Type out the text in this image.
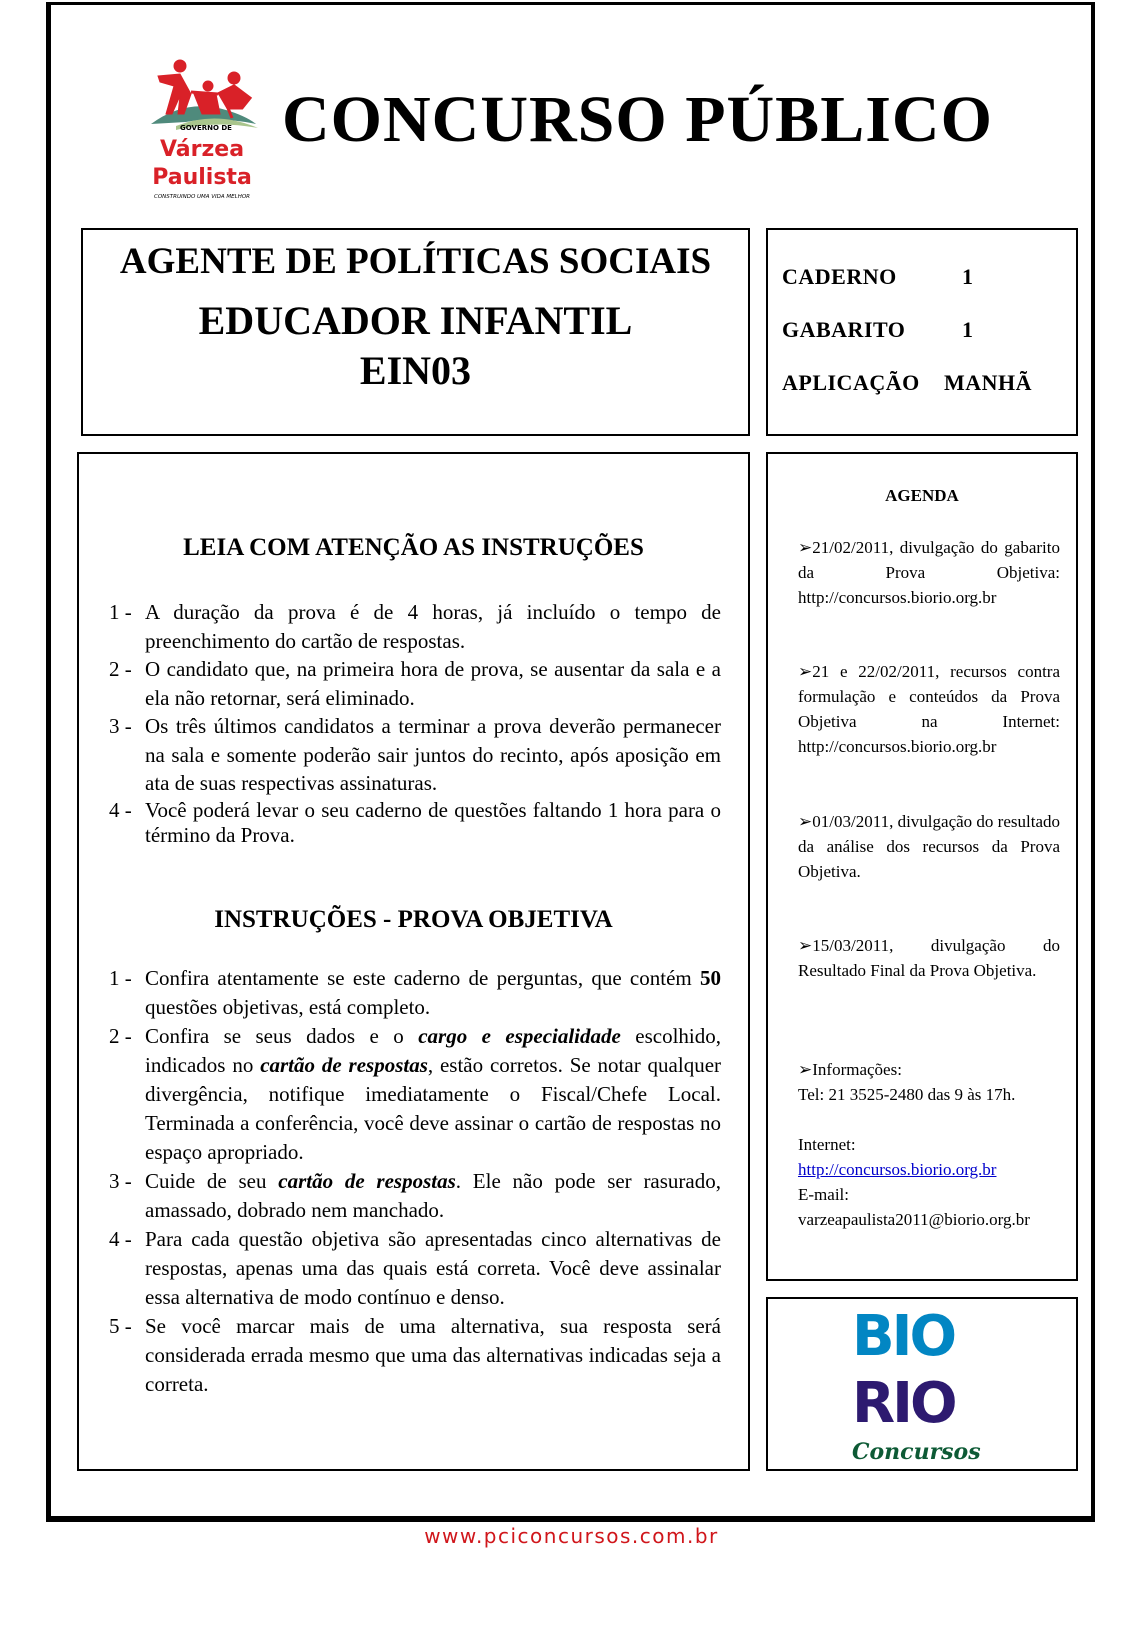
GOVERNO DE
Várzea
Paulista
CONSTRUINDO UMA VIDA MELHOR
CONCURSO PÚBLICO
AGENTE DE POLÍTICAS SOCIAIS
EDUCADOR INFANTIL
EIN03
CADERNO	1
GABARITO	1
APLICAÇÃO MANHÃ
LEIA COM ATENÇÃO AS INSTRUÇÕES
1 - A duração da prova é de 4 horas, já incluído o tempo de preenchimento do cartão de respostas.
2 - O candidato que, na primeira hora de prova, se ausentar da sala e a ela não retornar, será eliminado.
3 - Os três últimos candidatos a terminar a prova deverão permanecer na sala e somente poderão sair juntos do recinto, após aposição em ata de suas respectivas assinaturas.
4 - Você poderá levar o seu caderno de questões faltando 1 hora para o término da Prova.
INSTRUÇÕES - PROVA OBJETIVA
1 - Confira atentamente se este caderno de perguntas, que contém 50 questões objetivas, está completo.
2 - Confira se seus dados e o cargo e especialidade escolhido, indicados no cartão de respostas, estão corretos. Se notar qualquer divergência, notifique imediatamente o Fiscal/Chefe Local. Terminada a conferência, você deve assinar o cartão de respostas no espaço apropriado.
3 - Cuide de seu cartão de respostas. Ele não pode ser rasurado, amassado, dobrado nem manchado.
4 - Para cada questão objetiva são apresentadas cinco alternativas de respostas, apenas uma das quais está correta. Você deve assinalar essa alternativa de modo contínuo e denso.
5 - Se você marcar mais de uma alternativa, sua resposta será considerada errada mesmo que uma das alternativas indicadas seja a correta.
AGENDA
➢21/02/2011, divulgação do gabarito da Prova Objetiva: http://concursos.biorio.org.br
➢21 e 22/02/2011, recursos contra formulação e conteúdos da Prova Objetiva na Internet: http://concursos.biorio.org.br
➢01/03/2011, divulgação do resultado da análise dos recursos da Prova Objetiva.
➢15/03/2011, divulgação do Resultado Final da Prova Objetiva.
➢Informações:
Tel: 21 3525-2480 das 9 às 17h.
Internet:
http://concursos.biorio.org.br
E-mail:
varzeapaulista2011@biorio.org.br
BIO
RIO
Concursos
www.pciconcursos.com.br
